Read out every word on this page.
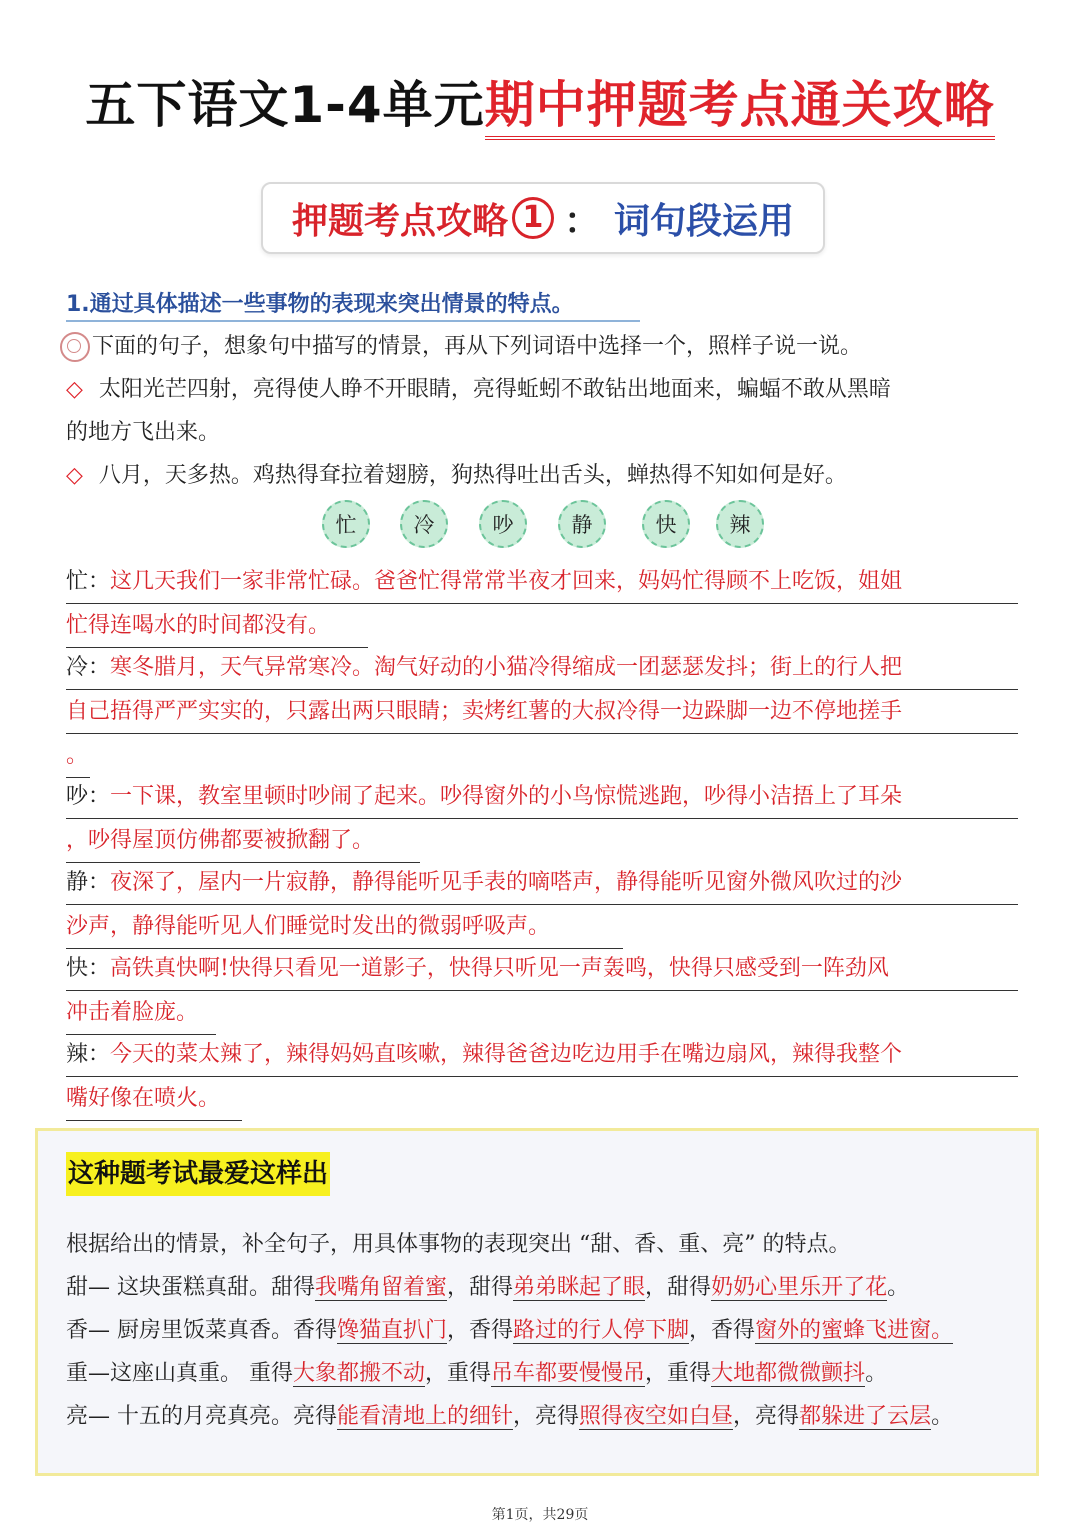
五下语文1-4单元期中押题考点通关攻略
押题考点攻略 1 ： 词句段运用
1.通过具体描述一些事物的表现来突出情景的特点。
下面的句子，想象句中描写的情景，再从下列词语中选择一个，照样子说一说。
◇ 太阳光芒四射，亮得使人睁不开眼睛，亮得蚯蚓不敢钻出地面来，蝙蝠不敢从黑暗
的地方飞出来。
◇ 八月，天多热。鸡热得耷拉着翅膀，狗热得吐出舌头，蝉热得不知如何是好。
忙	冷	吵	静	快	辣
忙：这几天我们一家非常忙碌。爸爸忙得常常半夜才回来，妈妈忙得顾不上吃饭，姐姐
忙得连喝水的时间都没有。
冷：寒冬腊月，天气异常寒冷。淘气好动的小猫冷得缩成一团瑟瑟发抖；街上的行人把
自己捂得严严实实的，只露出两只眼睛；卖烤红薯的大叔冷得一边跺脚一边不停地搓手
。
吵：一下课，教室里顿时吵闹了起来。吵得窗外的小鸟惊慌逃跑，吵得小洁捂上了耳朵
，吵得屋顶仿佛都要被掀翻了。
静：夜深了，屋内一片寂静，静得能听见手表的嘀嗒声，静得能听见窗外微风吹过的沙
沙声，静得能听见人们睡觉时发出的微弱呼吸声。
快：高铁真快啊!快得只看见一道影子，快得只听见一声轰鸣，快得只感受到一阵劲风
冲击着脸庞。
辣：今天的菜太辣了，辣得妈妈直咳嗽，辣得爸爸边吃边用手在嘴边扇风，辣得我整个
嘴好像在喷火。
这种题考试最爱这样出
根据给出的情景，补全句子，用具体事物的表现突出 “甜、香、重、亮” 的特点。
甜— 这块蛋糕真甜。甜得我嘴角留着蜜，甜得弟弟眯起了眼，甜得奶奶心里乐开了花。
香— 厨房里饭菜真香。香得馋猫直扒门，香得路过的行人停下脚，香得窗外的蜜蜂飞进窗。
重—这座山真重。 重得大象都搬不动，重得吊车都要慢慢吊，重得大地都微微颤抖。
亮— 十五的月亮真亮。亮得能看清地上的细针，亮得照得夜空如白昼，亮得都躲进了云层。
第1页，共29页
